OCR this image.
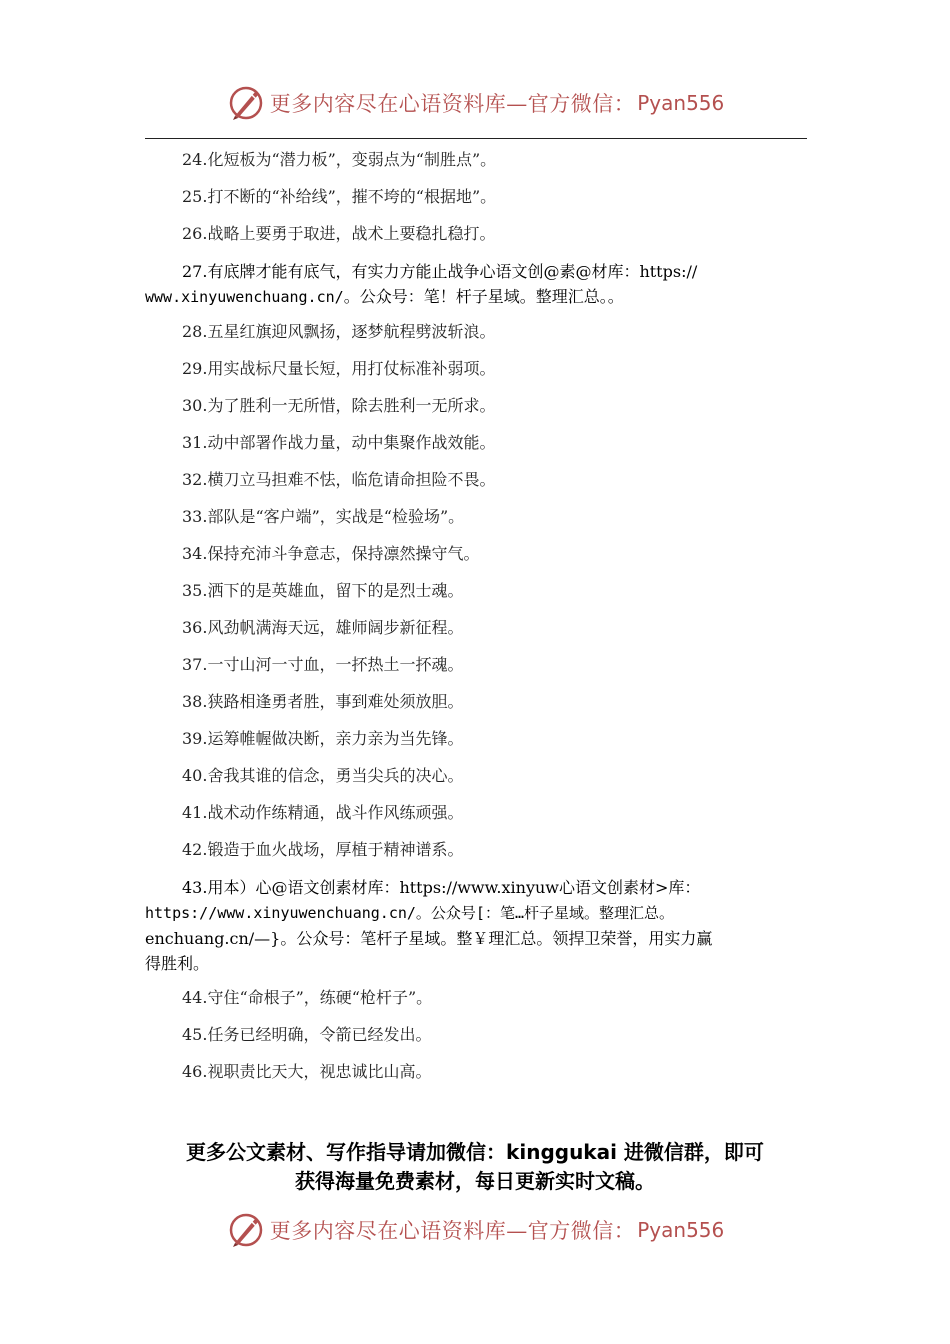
更多内容尽在心语资料库—官方微信： Pyan556
24.化短板为“潜力板”，变弱点为“制胜点”。
25.打不断的“补给线”，摧不垮的“根据地”。
26.战略上要勇于取进，战术上要稳扎稳打。
27.有底牌才能有底气，有实力方能止战争心语文创@素@材库：https://
www.xinyuwenchuang.cn/。公众号：笔！杆子星域。整理汇总。。
28.五星红旗迎风飘扬，逐梦航程劈波斩浪。
29.用实战标尺量长短，用打仗标准补弱项。
30.为了胜利一无所惜，除去胜利一无所求。
31.动中部署作战力量，动中集聚作战效能。
32.横刀立马担难不怯，临危请命担险不畏。
33.部队是“客户端”，实战是“检验场”。
34.保持充沛斗争意志，保持凛然操守气。
35.洒下的是英雄血，留下的是烈士魂。
36.风劲帆满海天远，雄师阔步新征程。
37.一寸山河一寸血，一抔热土一抔魂。
38.狭路相逢勇者胜，事到难处须放胆。
39.运筹帷幄做决断，亲力亲为当先锋。
40.舍我其谁的信念，勇当尖兵的决心。
41.战术动作练精通，战斗作风练顽强。
42.锻造于血火战场，厚植于精神谱系。
43.用本）心@语文创素材库：https://www.xinyuw心语文创素材>库：
https://www.xinyuwenchuang.cn/。公众号[：笔…杆子星域。整理汇总。
enchuang.cn/—}。公众号：笔杆子星域。整￥理汇总。领捍卫荣誉，用实力赢
得胜利。
44.守住“命根子”，练硬“枪杆子”。
45.任务已经明确，令箭已经发出。
46.视职责比天大，视忠诚比山高。
更多公文素材、写作指导请加微信：kinggukai 进微信群，即可
获得海量免费素材，每日更新实时文稿。
更多内容尽在心语资料库—官方微信： Pyan556
